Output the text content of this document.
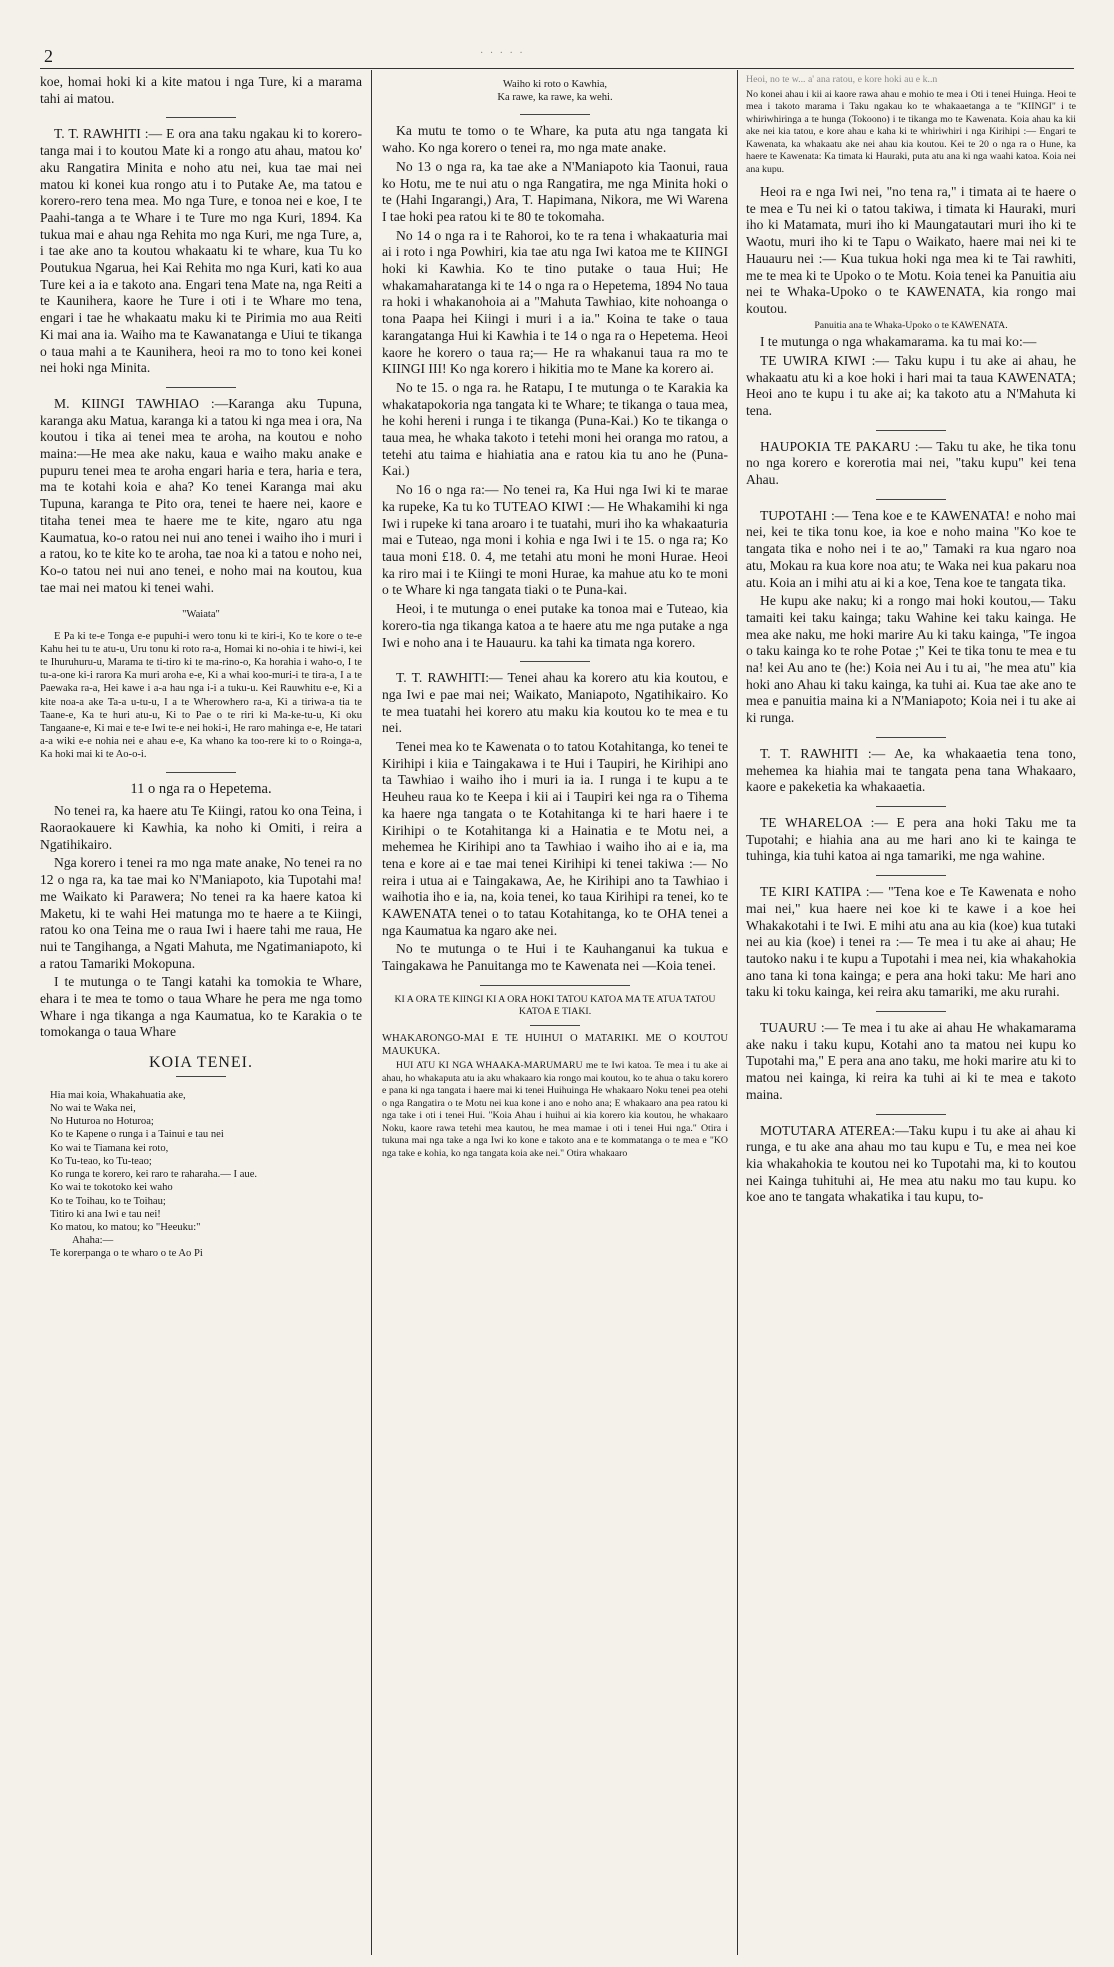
2	· · · · ·

koe, homai hoki ki a kite matou i nga Ture, ki a marama tahi ai matou.

T. T. RAWHITI :— E ora ana taku ngakau ki to korero-tanga mai i to koutou Mate ki a rongo atu ahau, matou ko' aku Rangatira Minita e noho atu nei, kua tae mai nei matou ki konei kua rongo atu i to Putake Ae, ma tatou e korero-rero tena mea. Mo nga Ture, e tonoa nei e koe, I te Paahi-tanga a te Whare i te Ture mo nga Kuri, 1894. Ka tukua mai e ahau nga Rehita mo nga Kuri, me nga Ture, a, i tae ake ano ta koutou whakaatu ki te whare, kua Tu ko Poutukua Ngarua, hei Kai Rehita mo nga Kuri, kati ko aua Ture kei a ia e takoto ana. Engari tena Mate na, nga Reiti a te Kaunihera, kaore he Ture i oti i te Whare mo tena, engari i tae he whakaatu maku ki te Pirimia mo aua Reiti Ki mai ana ia. Waiho ma te Kawanatanga e Uiui te tikanga o taua mahi a te Kaunihera, heoi ra mo to tono kei konei nei hoki nga Minita.

M. KIINGI TAWHIAO :—Karanga aku Tupuna, karanga aku Matua, karanga ki a tatou ki nga mea i ora, Na koutou i tika ai tenei mea te aroha, na koutou e noho maina:—He mea ake naku, kaua e waiho maku anake e pupuru tenei mea te aroha engari haria e tera, haria e tera, ma te kotahi koia e aha? Ko tenei Karanga mai aku Tupuna, karanga te Pito ora, tenei te haere nei, kaore e titaha tenei mea te haere me te kite, ngaro atu nga Kaumatua, ko-o ratou nei nui ano tenei i waiho iho i muri i a ratou, ko te kite ko te aroha, tae noa ki a tatou e noho nei, Ko-o tatou nei nui ano tenei, e noho mai na koutou, kua tae mai nei matou ki tenei wahi.

"Waiata"

E Pa ki te-e Tonga e-e pupuhi-i wero tonu ki te kiri-i, Ko te kore o te-e Kahu hei tu te atu-u, Uru tonu ki roto ra-a, Homai ki no-ohia i te hiwi-i, kei te Ihuruhuru-u, Marama te ti-tiro ki te ma-rino-o, Ka horahia i waho-o, I te tu-a-one ki-i rarora Ka muri aroha e-e, Ki a whai koo-muri-i te tira-a, I a te Paewaka ra-a, Hei kawe i a-a hau nga i-i a tuku-u. Kei Rauwhitu e-e, Ki a kite noa-a ake Ta-a u-tu-u, I a te Wherowhero ra-a, Ki a tiriwa-a tia te Taane-e, Ka te huri atu-u, Ki to Pae o te riri ki Ma-ke-tu-u, Ki oku Tangaane-e, Ki mai e te-e Iwi te-e nei hoki-i, He raro mahinga e-e, He tatari a-a wiki e-e nohia nei e ahau e-e, Ka whano ka too-rere ki to o Roinga-a, Ka hoki mai ki te Ao-o-i.

11 o nga ra o Hepetema.

No tenei ra, ka haere atu Te Kiingi, ratou ko ona Teina, i Raoraokauere ki Kawhia, ka noho ki Omiti, i reira a Ngatihikairo.

Nga korero i tenei ra mo nga mate anake, No tenei ra no 12 o nga ra, ka tae mai ko N'Maniapoto, kia Tupotahi ma! me Waikato ki Parawera; No tenei ra ka haere katoa ki Maketu, ki te wahi Hei matunga mo te haere a te Kiingi, ratou ko ona Teina me o raua Iwi i haere tahi me raua, He nui te Tangihanga, a Ngati Mahuta, me Ngatimaniapoto, ki a ratou Tamariki Mokopuna.

I te mutunga o te Tangi katahi ka tomokia te Whare, ehara i te mea te tomo o taua Whare he pera me nga tomo Whare i nga tikanga a nga Kaumatua, ko te Karakia o te tomokanga o taua Whare

KOIA TENEI.
Hia mai koia, Whakahuatia ake,
No wai te Waka nei,
No Huturoa no Hoturoa;
Ko te Kapene o runga i a Tainui e tau nei
Ko wai te Tiamana kei roto,
Ko Tu-teao, ko Tu-teao;
Ko runga te korero, kei raro te raharaha.— I aue.
Ko wai te tokotoko kei waho
Ko te Toihau, ko te Toihau;
Titiro ki ana Iwi e tau nei!
Ko matou, ko matou; ko "Heeuku:"
Ahaha:—
Te korerpanga o te wharo o te Ao Pi

Waiho ki roto o Kawhia,

Ka rawe, ka rawe, ka wehi.

Ka mutu te tomo o te Whare, ka puta atu nga tangata ki waho. Ko nga korero o tenei ra, mo nga mate anake.

No 13 o nga ra, ka tae ake a N'Maniapoto kia Taonui, raua ko Hotu, me te nui atu o nga Rangatira, me nga Minita hoki o te (Hahi Ingarangi,) Ara, T. Hapimana, Nikora, me Wi Warena I tae hoki pea ratou ki te 80 te tokomaha.

No 14 o nga ra i te Rahoroi, ko te ra tena i whakaaturia mai ai i roto i nga Powhiri, kia tae atu nga Iwi katoa me te KIINGI hoki ki Kawhia. Ko te tino putake o taua Hui; He whakamaharatanga ki te 14 o nga ra o Hepetema, 1894 No taua ra hoki i whakanohoia ai a "Mahuta Tawhiao, kite nohoanga o tona Paapa hei Kiingi i muri i a ia." Koina te take o taua karangatanga Hui ki Kawhia i te 14 o nga ra o Hepetema. Heoi kaore he korero o taua ra;— He ra whakanui taua ra mo te KIINGI III! Ko nga korero i hikitia mo te Mane ka korero ai.

No te 15. o nga ra. he Ratapu, I te mutunga o te Karakia ka whakatapokoria nga tangata ki te Whare; te tikanga o taua mea, he kohi hereni i runga i te tikanga (Puna-Kai.) Ko te tikanga o taua mea, he whaka takoto i tetehi moni hei oranga mo ratou, a tetehi atu taima e hiahiatia ana e ratou kia tu ano he (Puna-Kai.)

No 16 o nga ra:— No tenei ra, Ka Hui nga Iwi ki te marae ka rupeke, Ka tu ko TUTEAO KIWI :— He Whakamihi ki nga Iwi i rupeke ki tana aroaro i te tuatahi, muri iho ka whakaaturia mai e Tuteao, nga moni i kohia e nga Iwi i te 15. o nga ra; Ko taua moni £18. 0. 4, me tetahi atu moni he moni Hurae. Heoi ka riro mai i te Kiingi te moni Hurae, ka mahue atu ko te moni o te Whare ki nga tangata tiaki o te Puna-kai.

Heoi, i te mutunga o enei putake ka tonoa mai e Tuteao, kia korero-tia nga tikanga katoa a te haere atu me nga putake a nga Iwi e noho ana i te Hauauru. ka tahi ka timata nga korero.

T. T. RAWHITI:— Tenei ahau ka korero atu kia koutou, e nga Iwi e pae mai nei; Waikato, Maniapoto, Ngatihikairo. Ko te mea tuatahi hei korero atu maku kia koutou ko te mea e tu nei.

Tenei mea ko te Kawenata o to tatou Kotahitanga, ko tenei te Kirihipi i kiia e Taingakawa i te Hui i Taupiri, he Kirihipi ano ta Tawhiao i waiho iho i muri ia ia. I runga i te kupu a te Heuheu raua ko te Keepa i kii ai i Taupiri kei nga ra o Tihema ka haere nga tangata o te Kotahitanga ki te hari haere i te Kirihipi o te Kotahitanga ki a Hainatia e te Motu nei, a mehemea he Kirihipi ano ta Tawhiao i waiho iho ai e ia, ma tena e kore ai e tae mai tenei Kirihipi ki tenei takiwa :— No reira i utua ai e Taingakawa, Ae, he Kirihipi ano ta Tawhiao i waihotia iho e ia, na, koia tenei, ko taua Kirihipi ra tenei, ko te KAWENATA tenei o to tatau Kotahitanga, ko te OHA tenei a nga Kaumatua ka ngaro ake nei.

No te mutunga o te Hui i te Kauhanganui ka tukua e Taingakawa he Panuitanga mo te Kawenata nei —Koia tenei.

KI A ORA TE KIINGI KI A ORA HOKI TATOU KATOA MA TE ATUA TATOU KATOA E TIAKI.

WHAKARONGO-MAI E TE HUIHUI O MATARIKI. ME O KOUTOU MAUKUKA.

HUI ATU KI NGA WHAAKA-MARUMARU me te Iwi katoa. Te mea i tu ake ai ahau, ho whakaputa atu ia aku whakaaro kia rongo mai koutou, ko te ahua o taku korero e pana ki nga tangata i haere mai ki tenei Huihuinga He whakaaro Noku tenei pea otehi o nga Rangatira o te Motu nei kua kone i ano e noho ana; E whakaaro ana pea ratou ki nga take i oti i tenei Hui. "Koia Ahau i huihui ai kia korero kia koutou, he whakaaro Noku, kaore rawa tetehi mea kautou, he mea mamae i oti i tenei Hui nga." Otira i tukuna mai nga take a nga Iwi ko kone e takoto ana e te kommatanga o te mea e "KO nga take e kohia, ko nga tangata koia ake nei." Otira whakaaro

Heoi, no te w... a' ana ratou, e kore hoki au e k..n

No konei ahau i kii ai kaore rawa ahau e mohio te mea i Oti i tenei Huinga. Heoi te mea i takoto marama i Taku ngakau ko te whakaaetanga a te "KIINGI" i te whiriwhiringa a te hunga (Tokoono) i te tikanga mo te Kawenata. Koia ahau ka kii ake nei kia tatou, e kore ahau e kaha ki te whiriwhiri i nga Kirihipi :— Engari te Kawenata, ka whakaatu ake nei ahau kia koutou. Kei te 20 o nga ra o Hune, ka haere te Kawenata: Ka timata ki Hauraki, puta atu ana ki nga waahi katoa. Koia nei ana kupu.

Heoi ra e nga Iwi nei, "no tena ra," i timata ai te haere o te mea e Tu nei ki o tatou takiwa, i timata ki Hauraki, muri iho ki Matamata, muri iho ki Maungatautari muri iho ki te Waotu, muri iho ki te Tapu o Waikato, haere mai nei ki te Hauauru nei :— Kua tukua hoki nga mea ki te Tai rawhiti, me te mea ki te Upoko o te Motu. Koia tenei ka Panuitia aiu nei te Whaka-Upoko o te KAWENATA, kia rongo mai koutou.

Panuitia ana te Whaka-Upoko o te KAWENATA.

I te mutunga o nga whakamarama. ka tu mai ko:—

TE UWIRA KIWI :— Taku kupu i tu ake ai ahau, he whakaatu atu ki a koe hoki i hari mai ta taua KAWENATA; Heoi ano te kupu i tu ake ai; ka takoto atu a N'Mahuta ki tena.

HAUPOKIA TE PAKARU :— Taku tu ake, he tika tonu no nga korero e korerotia mai nei, "taku kupu" kei tena Ahau.

TUPOTAHI :— Tena koe e te KAWENATA! e noho mai nei, kei te tika tonu koe, ia koe e noho maina "Ko koe te tangata tika e noho nei i te ao," Tamaki ra kua ngaro noa atu, Mokau ra kua kore noa atu; te Waka nei kua pakaru noa atu. Koia an i mihi atu ai ki a koe, Tena koe te tangata tika.

He kupu ake naku; ki a rongo mai hoki koutou,— Taku tamaiti kei taku kainga; taku Wahine kei taku kainga. He mea ake naku, me hoki marire Au ki taku kainga, "Te ingoa o taku kainga ko te rohe Potae ;" Kei te tika tonu te mea e tu na! kei Au ano te (he:) Koia nei Au i tu ai, "he mea atu" kia hoki ano Ahau ki taku kainga, ka tuhi ai. Kua tae ake ano te mea e panuitia maina ki a N'Maniapoto; Koia nei i tu ake ai ki runga.

T. T. RAWHITI :— Ae, ka whakaaetia tena tono, mehemea ka hiahia mai te tangata pena tana Whakaaro, kaore e pakeketia ka whakaaetia.

TE WHARELOA :— E pera ana hoki Taku me ta Tupotahi; e hiahia ana au me hari ano ki te kainga te tuhinga, kia tuhi katoa ai nga tamariki, me nga wahine.

TE KIRI KATIPA :— "Tena koe e Te Kawenata e noho mai nei," kua haere nei koe ki te kawe i a koe hei Whakakotahi i te Iwi. E mihi atu ana au kia (koe) kua tutaki nei au kia (koe) i tenei ra :— Te mea i tu ake ai ahau; He tautoko naku i te kupu a Tupotahi i mea nei, kia whakahokia ano tana ki tona kainga; e pera ana hoki taku: Me hari ano taku ki toku kainga, kei reira aku tamariki, me aku rurahi.

TUAURU :— Te mea i tu ake ai ahau He whakamarama ake naku i taku kupu, Kotahi ano ta matou nei kupu ko Tupotahi ma," E pera ana ano taku, me hoki marire atu ki to matou nei kainga, ki reira ka tuhi ai ki te mea e takoto maina.

MOTUTARA ATEREA:—Taku kupu i tu ake ai ahau ki runga, e tu ake ana ahau mo tau kupu e Tu, e mea nei koe kia whakahokia te koutou nei ko Tupotahi ma, ki to koutou nei Kainga tuhituhi ai, He mea atu naku mo tau kupu. ko koe ano te tangata whakatika i tau kupu, to-
